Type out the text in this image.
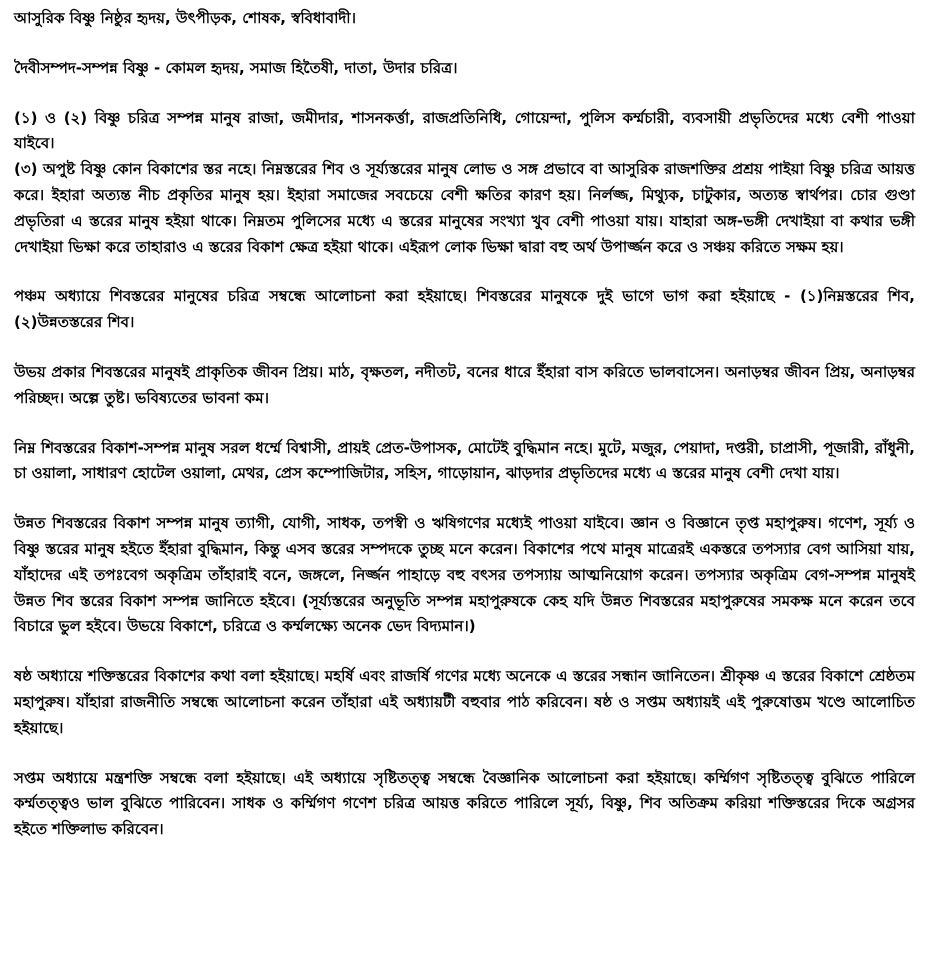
আসুরিক বিষ্ণু নিষ্ঠুর হৃদয়, উৎপীড়ক, শোষক, স্ববিধাবাদী।

দৈবীসম্পদ-সম্পন্ন বিষ্ণু - কোমল হৃদয়, সমাজ হিতৈষী, দাতা, উদার চরিত্র।

(১) ও (২) বিষ্ণু চরিত্র সম্পন্ন মানুষ রাজা, জমীদার, শাসনকর্ত্তা, রাজপ্রতিনিধি, গোয়েন্দা, পুলিস কর্ম্মচারী, ব্যবসায়ী প্রভৃতিদের মধ্যে বেশী পাওয়া যাইবে।

(৩) অপুষ্ট বিষ্ণু কোন বিকাশের স্তর নহে। নিম্নস্তরের শিব ও সূর্য্যস্তরের মানুষ লোভ ও সঙ্গ প্রভাবে বা আসুরিক রাজশক্তির প্রশ্রয় পাইয়া বিষ্ণু চরিত্র আয়ত্ত করে। ইহারা অত্যন্ত নীচ প্রকৃতির মানুষ হয়। ইহারা সমাজের সবচেয়ে বেশী ক্ষতির কারণ হয়। নির্লজ্জ, মিথ্যুক, চাটুকার, অত্যন্ত স্বার্থপর। চোর গুণ্ডা প্রভৃতিরা এ স্তরের মানুষ হইয়া থাকে। নিম্নতম পুলিসের মধ্যে এ স্তরের মানুষের সংখ্যা খুব বেশী পাওয়া যায়। যাহারা অঙ্গ-ভঙ্গী দেখাইয়া বা কথার ভঙ্গী দেখাইয়া ভিক্ষা করে তাহারাও এ স্তরের বিকাশ ক্ষেত্র হইয়া থাকে। এইরূপ লোক ভিক্ষা দ্বারা বহু অর্থ উপার্জ্জন করে ও সঞ্চয় করিতে সক্ষম হয়।

পঞ্চম অধ্যায়ে শিবস্তরের মানুষের চরিত্র সম্বন্ধে আলোচনা করা হইয়াছে। শিবস্তরের মানুষকে দুই ভাগে ভাগ করা হইয়াছে - (১)নিম্নস্তরের শিব, (২)উন্নতস্তরের শিব।

উভয় প্রকার শিবস্তরের মানুষই প্রাকৃতিক জীবন প্রিয়। মাঠ, বৃক্ষতল, নদীতট, বনের ধারে ইঁহারা বাস করিতে ভালবাসেন। অনাড়ম্বর জীবন প্রিয়, অনাড়ম্বর পরিচ্ছদ। অল্পে তুষ্ট। ভবিষ্যতের ভাবনা কম।

নিম্ন শিবস্তরের বিকাশ-সম্পন্ন মানুষ সরল ধর্ম্মে বিশ্বাসী, প্রায়ই প্রেত-উপাসক, মোটেই বুদ্ধিমান নহে। মুটে, মজুর, পেয়াদা, দপ্তরী, চাপ্রাসী, পূজারী, রাঁধুনী, চা ওয়ালা, সাধারণ হোটেল ওয়ালা, মেথর, প্রেস কম্পোজিটার, সহিস, গাড়োয়ান, ঝাড়দার প্রভৃতিদের মধ্যে এ স্তরের মানুষ বেশী দেখা যায়।

উন্নত শিবস্তরের বিকাশ সম্পন্ন মানুষ ত্যাগী, যোগী, সাধক, তপস্বী ও ঋষিগণের মধ্যেই পাওয়া যাইবে। জ্ঞান ও বিজ্ঞানে তৃপ্ত মহাপুরুষ। গণেশ, সূর্য্য ও বিষ্ণু স্তরের মানুষ হইতে ইঁহারা বুদ্ধিমান, কিন্তু এসব স্তরের সম্পদকে তুচ্ছ মনে করেন। বিকাশের পথে মানুষ মাত্রেরই একস্তরে তপস্যার বেগ আসিয়া যায়, যাঁহাদের এই তপঃবেগ অকৃত্রিম তাঁহারাই বনে, জঙ্গলে, নির্জ্জন পাহাড়ে বহু বৎসর তপস্যায় আত্মনিয়োগ করেন। তপস্যার অকৃত্রিম বেগ-সম্পন্ন মানুষই উন্নত শিব স্তরের বিকাশ সম্পন্ন জানিতে হইবে। (সূর্য্যস্তরের অনুভূতি সম্পন্ন মহাপুরুষকে কেহ যদি উন্নত শিবস্তরের মহাপুরুষের সমকক্ষ মনে করেন তবে বিচারে ভুল হইবে। উভয়ে বিকাশে, চরিত্রে ও কর্ম্মলক্ষ্যে অনেক ভেদ বিদ্যমান।)

ষষ্ঠ অধ্যায়ে শক্তিস্তরের বিকাশের কথা বলা হইয়াছে। মহর্ষি এবং রাজর্ষি গণের মধ্যে অনেকে এ স্তরের সন্ধান জানিতেন। শ্রীকৃষ্ণ এ স্তরের বিকাশে শ্রেষ্ঠতম মহাপুরুষ। যাঁহারা রাজনীতি সম্বন্ধে আলোচনা করেন তাঁহারা এই অধ্যায়টী বহুবার পাঠ করিবেন। ষষ্ঠ ও সপ্তম অধ্যায়ই এই পুরুষোত্তম খণ্ডে আলোচিত হইয়াছে।

সপ্তম অধ্যায়ে মন্ত্রশক্তি সম্বন্ধে বলা হইয়াছে। এই অধ্যায়ে সৃষ্টিতত্ত্ব সম্বন্ধে বৈজ্ঞানিক আলোচনা করা হইয়াছে। কর্ম্মিগণ সৃষ্টিতত্ত্ব বুঝিতে পারিলে কর্ম্মতত্ত্বও ভাল বুঝিতে পারিবেন। সাধক ও কর্ম্মিগণ গণেশ চরিত্র আয়ত্ত করিতে পারিলে সূর্য্য, বিষ্ণু, শিব অতিক্রম করিয়া শক্তিস্তরের দিকে অগ্রসর হইতে শক্তিলাভ করিবেন।
